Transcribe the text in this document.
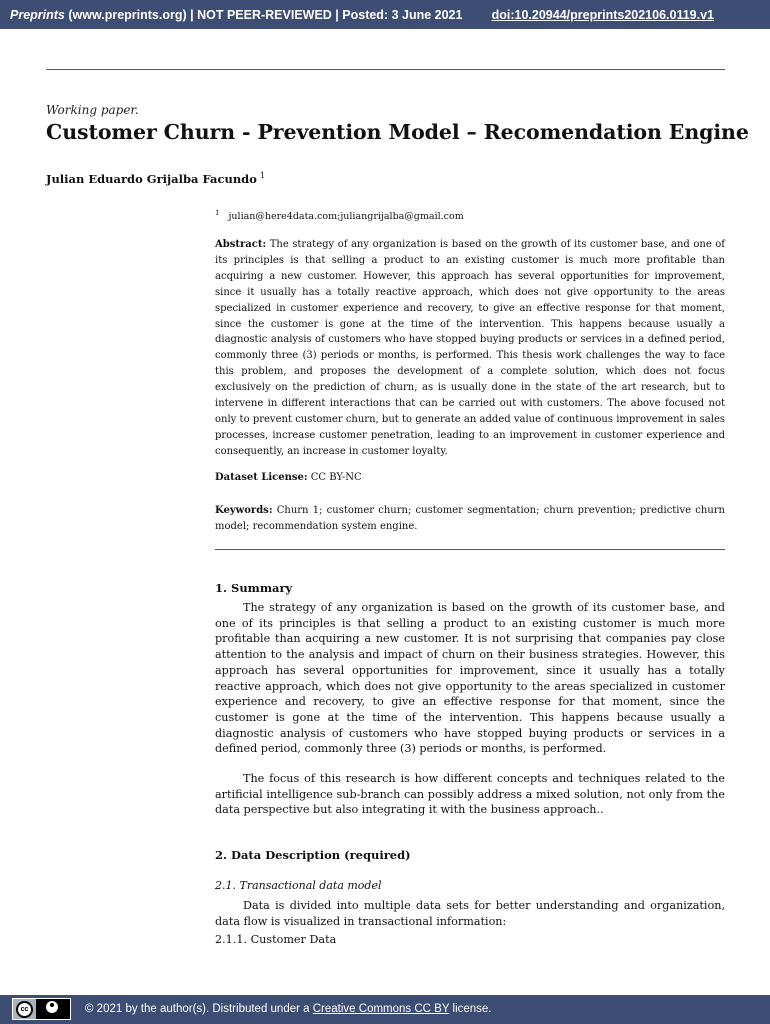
Preprints (www.preprints.org) | NOT PEER-REVIEWED | Posted: 3 June 2021 doi:10.20944/preprints202106.0119.v1
Working paper.
Customer Churn - Prevention Model – Recomendation Engine
Julian Eduardo Grijalba Facundo $^1$
$^1$ julian@here4data.com;juliangrijalba@gmail.com
Abstract: The strategy of any organization is based on the growth of its customer base, and one of its principles is that selling a product to an existing customer is much more profitable than acquiring a new customer. However, this approach has several opportunities for improvement, since it usually has a totally reactive approach, which does not give opportunity to the areas specialized in customer experience and recovery, to give an effective response for that moment, since the customer is gone at the time of the intervention. This happens because usually a diagnostic analysis of customers who have stopped buying products or services in a defined period, commonly three (3) periods or months, is performed. This thesis work challenges the way to face this problem, and proposes the development of a complete solution, which does not focus exclusively on the prediction of churn, as is usually done in the state of the art research, but to intervene in different interactions that can be carried out with customers. The above focused not only to prevent customer churn, but to generate an added value of continuous improvement in sales processes, increase customer penetration, leading to an improvement in customer experience and consequently, an increase in customer loyalty.
Dataset License: CC BY-NC
Keywords: Churn 1; customer churn; customer segmentation; churn prevention; predictive churn model; recommendation system engine.
1. Summary
The strategy of any organization is based on the growth of its customer base, and one of its principles is that selling a product to an existing customer is much more profitable than acquiring a new customer. It is not surprising that companies pay close attention to the analysis and impact of churn on their business strategies. However, this approach has several opportunities for improvement, since it usually has a totally reactive approach, which does not give opportunity to the areas specialized in customer experience and recovery, to give an effective response for that moment, since the customer is gone at the time of the intervention. This happens because usually a diagnostic analysis of customers who have stopped buying products or services in a defined period, commonly three (3) periods or months, is performed.
The focus of this research is how different concepts and techniques related to the artificial intelligence sub-branch can possibly address a mixed solution, not only from the data perspective but also integrating it with the business approach..
2. Data Description (required)
2.1. Transactional data model
Data is divided into multiple data sets for better understanding and organization, data flow is visualized in transactional information:
2.1.1. Customer Data
cc	© 2021 by the author(s). Distributed under a Creative Commons CC BY license.
